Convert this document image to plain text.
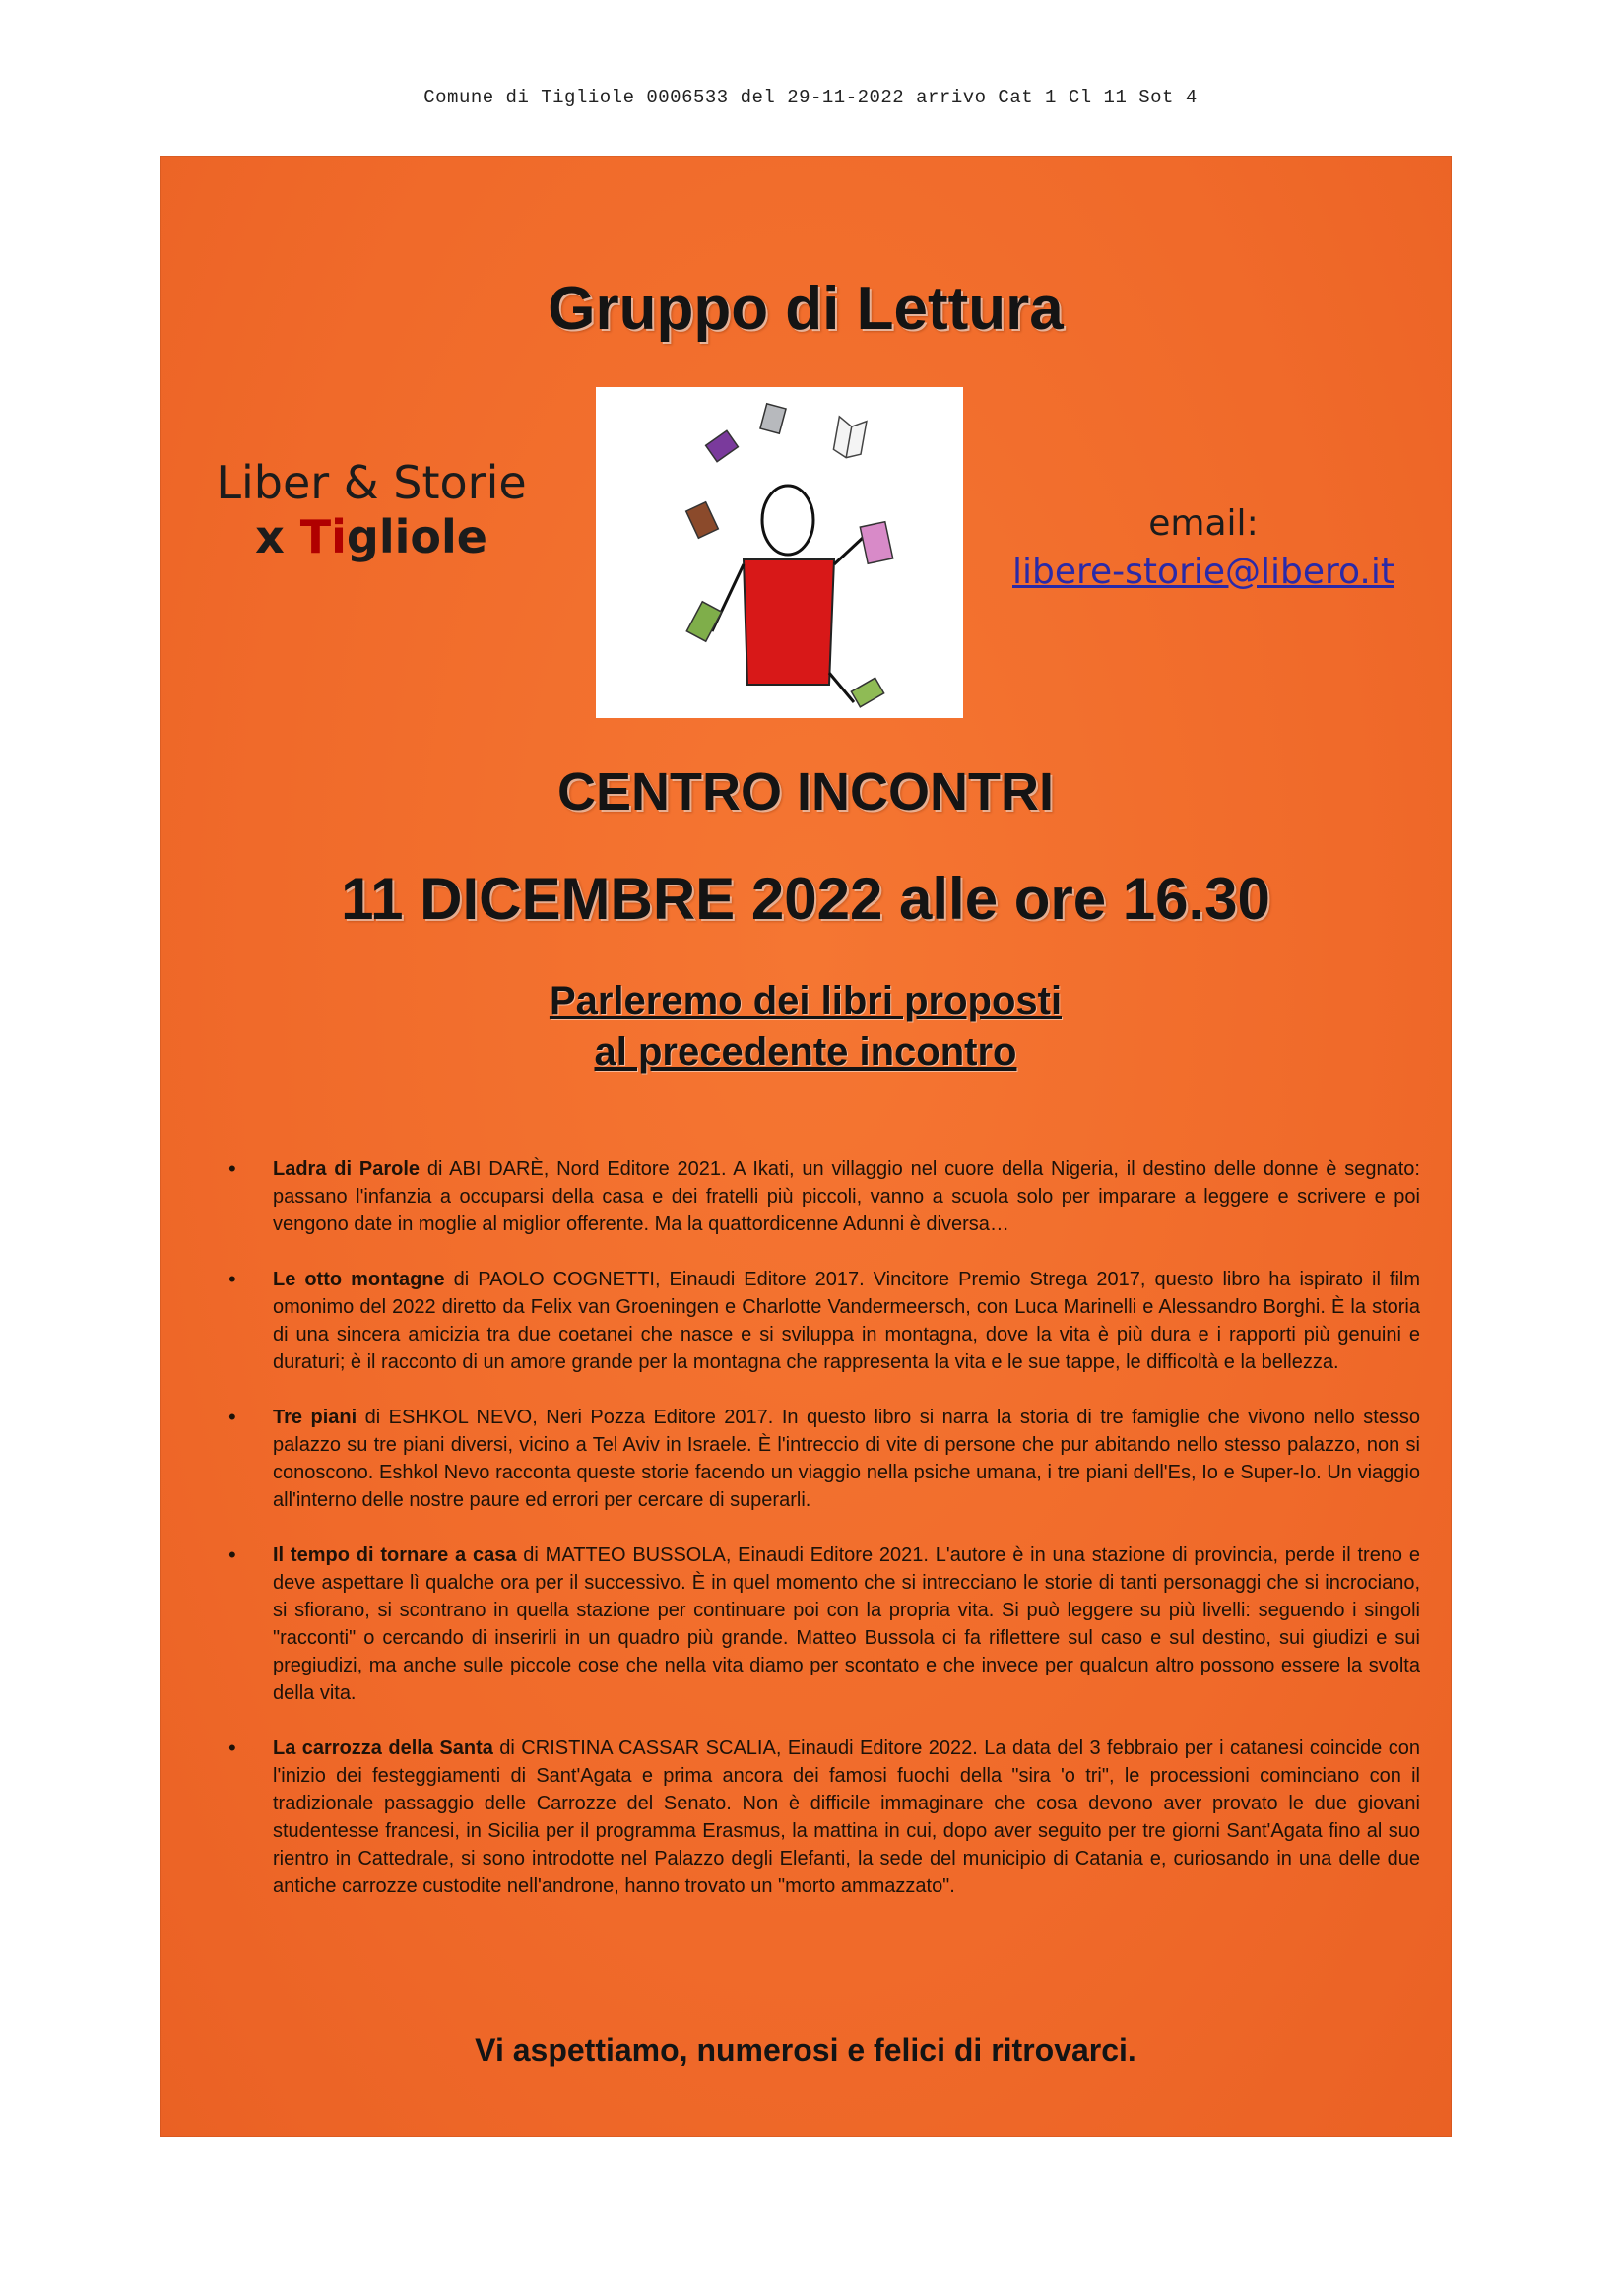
Comune di Tigliole 0006533 del 29-11-2022 arrivo Cat 1 Cl 11 Sot 4
Gruppo di Lettura
Liber & Storie
x Tigliole	email:
libere-storie@libero.it
CENTRO INCONTRI
11 DICEMBRE 2022 alle ore 16.30
Parleremo dei libri proposti
al precedente incontro
• Ladra di Parole di ABI DARÈ, Nord Editore 2021. A Ikati, un villaggio nel cuore della Nigeria, il destino delle donne è segnato: passano l'infanzia a occuparsi della casa e dei fratelli più piccoli, vanno a scuola solo per imparare a leggere e scrivere e poi vengono date in moglie al miglior offerente. Ma la quattordicenne Adunni è diversa…
• Le otto montagne di PAOLO COGNETTI, Einaudi Editore 2017. Vincitore Premio Strega 2017, questo libro ha ispirato il film omonimo del 2022 diretto da Felix van Groeningen e Charlotte Vandermeersch, con Luca Marinelli e Alessandro Borghi. È la storia di una sincera amicizia tra due coetanei che nasce e si sviluppa in montagna, dove la vita è più dura e i rapporti più genuini e duraturi; è il racconto di un amore grande per la montagna che rappresenta la vita e le sue tappe, le difficoltà e la bellezza.
• Tre piani di ESHKOL NEVO, Neri Pozza Editore 2017. In questo libro si narra la storia di tre famiglie che vivono nello stesso palazzo su tre piani diversi, vicino a Tel Aviv in Israele. È l'intreccio di vite di persone che pur abitando nello stesso palazzo, non si conoscono. Eshkol Nevo racconta queste storie facendo un viaggio nella psiche umana, i tre piani dell'Es, Io e Super-Io. Un viaggio all'interno delle nostre paure ed errori per cercare di superarli.
• Il tempo di tornare a casa di MATTEO BUSSOLA, Einaudi Editore 2021. L'autore è in una stazione di provincia, perde il treno e deve aspettare lì qualche ora per il successivo. È in quel momento che si intrecciano le storie di tanti personaggi che si incrociano, si sfiorano, si scontrano in quella stazione per continuare poi con la propria vita. Si può leggere su più livelli: seguendo i singoli "racconti" o cercando di inserirli in un quadro più grande. Matteo Bussola ci fa riflettere sul caso e sul destino, sui giudizi e sui pregiudizi, ma anche sulle piccole cose che nella vita diamo per scontato e che invece per qualcun altro possono essere la svolta della vita.
• La carrozza della Santa di CRISTINA CASSAR SCALIA, Einaudi Editore 2022. La data del 3 febbraio per i catanesi coincide con l'inizio dei festeggiamenti di Sant'Agata e prima ancora dei famosi fuochi della "sira 'o tri", le processioni cominciano con il tradizionale passaggio delle Carrozze del Senato. Non è difficile immaginare che cosa devono aver provato le due giovani studentesse francesi, in Sicilia per il programma Erasmus, la mattina in cui, dopo aver seguito per tre giorni Sant'Agata fino al suo rientro in Cattedrale, si sono introdotte nel Palazzo degli Elefanti, la sede del municipio di Catania e, curiosando in una delle due antiche carrozze custodite nell'androne, hanno trovato un "morto ammazzato".
Vi aspettiamo, numerosi e felici di ritrovarci.
